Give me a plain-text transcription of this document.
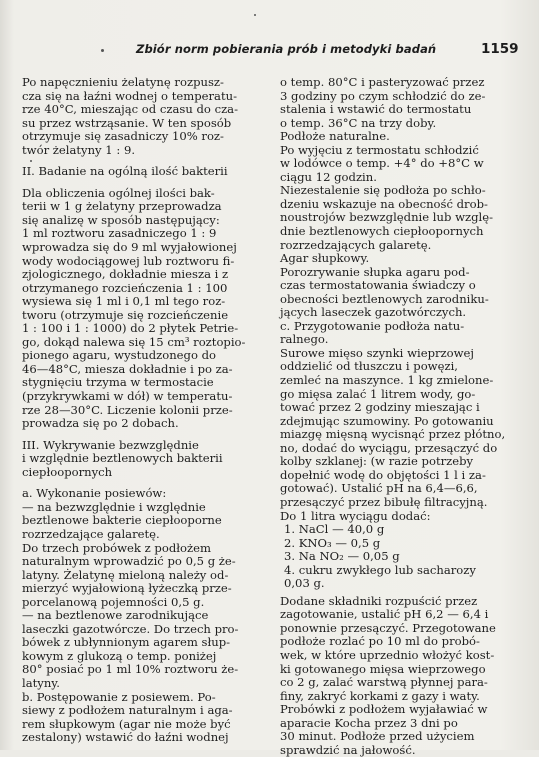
Zbiór norm pobierania prób i metodyki badań	1159
Po napęcznieniu żelatynę rozpusz-
cza się na łaźni wodnej o temperatu-
rze 40°C, mieszając od czasu do cza-
su przez wstrząsanie. W ten sposób
otrzymuje się zasadniczy 10% roz-
twór żelatyny 1 : 9.
II. Badanie na ogólną ilość bakterii
Dla obliczenia ogólnej ilości bak-
terii w 1 g żelatyny przeprowadza
się analizę w sposób następujący:
1 ml roztworu zasadniczego 1 : 9
wprowadza się do 9 ml wyjałowionej
wody wodociągowej lub roztworu fi-
zjologicznego, dokładnie miesza i z
otrzymanego rozcieńczenia 1 : 100
wysiewa się 1 ml i 0,1 ml tego roz-
tworu (otrzymuje się rozcieńczenie
1 : 100 i 1 : 1000) do 2 płytek Petrie-
go, dokąd nalewa się 15 cm³ roztopio-
pionego agaru, wystudzonego do
46—48°C, miesza dokładnie i po za-
stygnięciu trzyma w termostacie
(przykrywkami w dół) w temperatu-
rze 28—30°C. Liczenie kolonii prze-
prowadza się po 2 dobach.
III. Wykrywanie bezwzględnie
i względnie beztlenowych bakterii
ciepłoopornych
a. Wykonanie posiewów:
— na bezwzględnie i względnie
beztlenowe bakterie ciepłooporne
rozrzedzające galaretę.
Do trzech probówek z podłożem
naturalnym wprowadzić po 0,5 g że-
latyny. Żelatynę mieloną należy od-
mierzyć wyjałowioną łyżeczką prze-
porcelanową pojemności 0,5 g.
— na beztlenowe zarodnikujące
laseczki gazotwórcze. Do trzech pro-
bówek z ubłynnionym agarem słup-
kowym z glukozą o temp. poniżej
80° posiać po 1 ml 10% roztworu że-
latyny.
b. Postępowanie z posiewem. Po-
siewy z podłożem naturalnym i aga-
rem słupkowym (agar nie może być
zestalony) wstawić do łaźni wodnej
o temp. 80°C i pasteryzować przez
3 godziny po czym schłodzić do ze-
stalenia i wstawić do termostatu
o temp. 36°C na trzy doby.
Podłoże naturalne.
Po wyjęciu z termostatu schłodzić
w lodówce o temp. +4° do +8°C w
ciągu 12 godzin.
Niezestalenie się podłoża po schło-
dzeniu wskazuje na obecność drob-
noustrojów bezwzględnie lub wzglę-
dnie beztlenowych ciepłoopornych
rozrzedzających galaretę.
Agar słupkowy.
Porozrywanie słupka agaru pod-
czas termostatowania świadczy o
obecności beztlenowych zarodniku-
jących laseczek gazotwórczych.
c. Przygotowanie podłoża natu-
ralnego.
Surowe mięso szynki wieprzowej
oddzielić od tłuszczu i powęzi,
zemleć na maszynce. 1 kg zmielone-
go mięsa zalać 1 litrem wody, go-
tować przez 2 godziny mieszając i
zdejmując szumowiny. Po gotowaniu
miazgę mięsną wycisnąć przez płótno,
no, dodać do wyciągu, przesączyć do
kolby szklanej: (w razie potrzeby
dopełnić wodę do objętości 1 l i za-
gotować). Ustalić pH na 6,4—6,6,
przesączyć przez bibułę filtracyjną.
Do 1 litra wyciągu dodać:
1. NaCl — 40,0 g
2. KNO₃ — 0,5 g
3. Na NO₂ — 0,05 g
4. cukru zwykłego lub sacharozy
0,03 g.
Dodane składniki rozpuścić przez
zagotowanie, ustalić pH 6,2 — 6,4 i
ponownie przesączyć. Przegotowane
podłoże rozlać po 10 ml do probó-
wek, w które uprzednio włożyć kost-
ki gotowanego mięsa wieprzowego
co 2 g, zalać warstwą płynnej para-
finy, zakryć korkami z gazy i waty.
Probówki z podłożem wyjaławiać w
aparacie Kocha przez 3 dni po
30 minut. Podłoże przed użyciem
sprawdzić na jałowość.
